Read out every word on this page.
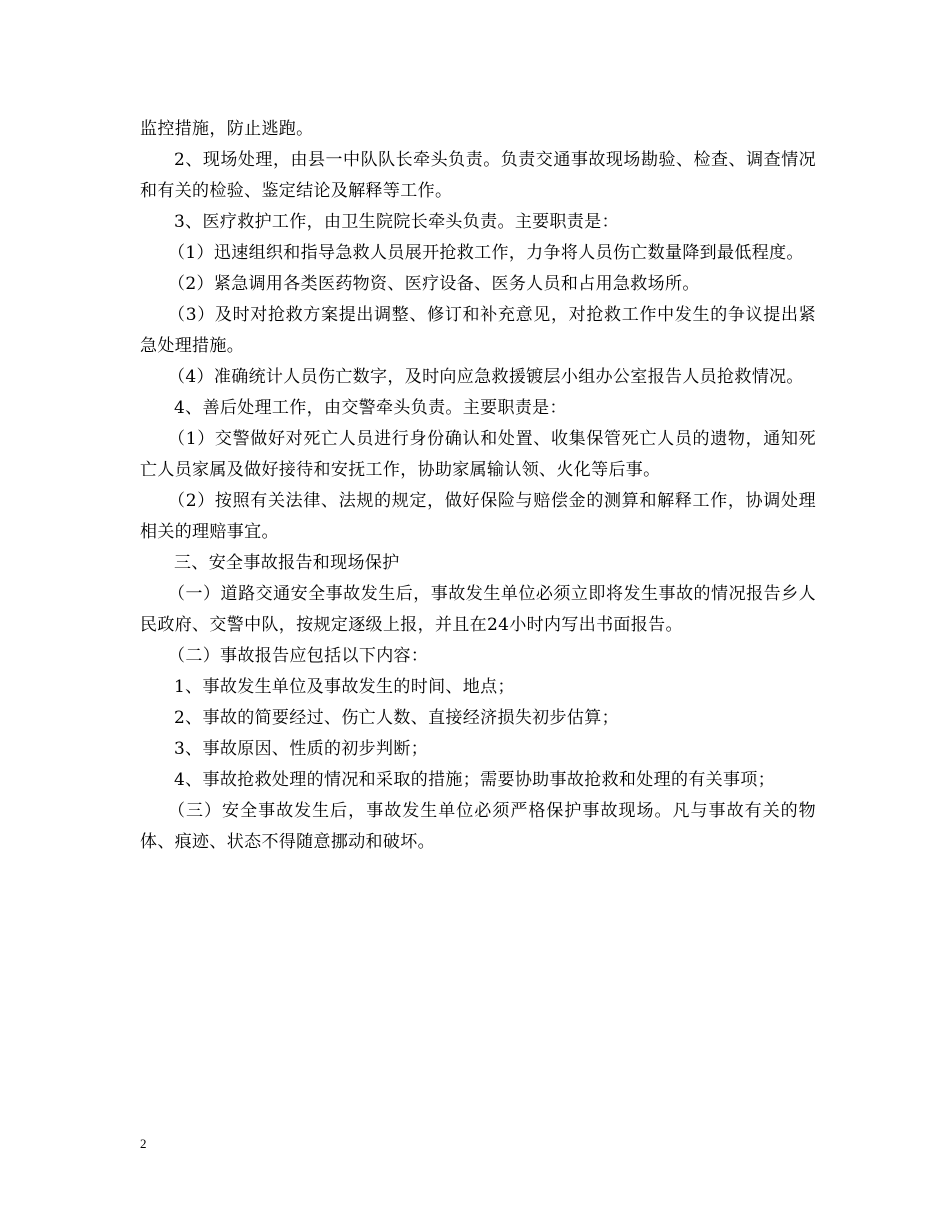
监控措施，防止逃跑。

2、现场处理，由县一中队队长牵头负责。负责交通事故现场勘验、检查、调查情况和有关的检验、鉴定结论及解释等工作。

3、医疗救护工作，由卫生院院长牵头负责。主要职责是：

（1）迅速组织和指导急救人员展开抢救工作，力争将人员伤亡数量降到最低程度。

（2）紧急调用各类医药物资、医疗设备、医务人员和占用急救场所。

（3）及时对抢救方案提出调整、修订和补充意见，对抢救工作中发生的争议提出紧急处理措施。

（4）准确统计人员伤亡数字，及时向应急救援镀层小组办公室报告人员抢救情况。

4、善后处理工作，由交警牵头负责。主要职责是：

（1）交警做好对死亡人员进行身份确认和处置、收集保管死亡人员的遗物，通知死亡人员家属及做好接待和安抚工作，协助家属输认领、火化等后事。

（2）按照有关法律、法规的规定，做好保险与赔偿金的测算和解释工作，协调处理相关的理赔事宜。

三、安全事故报告和现场保护

（一）道路交通安全事故发生后，事故发生单位必须立即将发生事故的情况报告乡人民政府、交警中队，按规定逐级上报，并且在24小时内写出书面报告。

（二）事故报告应包括以下内容：

1、事故发生单位及事故发生的时间、地点；

2、事故的简要经过、伤亡人数、直接经济损失初步估算；

3、事故原因、性质的初步判断；

4、事故抢救处理的情况和采取的措施；需要协助事故抢救和处理的有关事项；

（三）安全事故发生后，事故发生单位必须严格保护事故现场。凡与事故有关的物体、痕迹、状态不得随意挪动和破坏。

2
